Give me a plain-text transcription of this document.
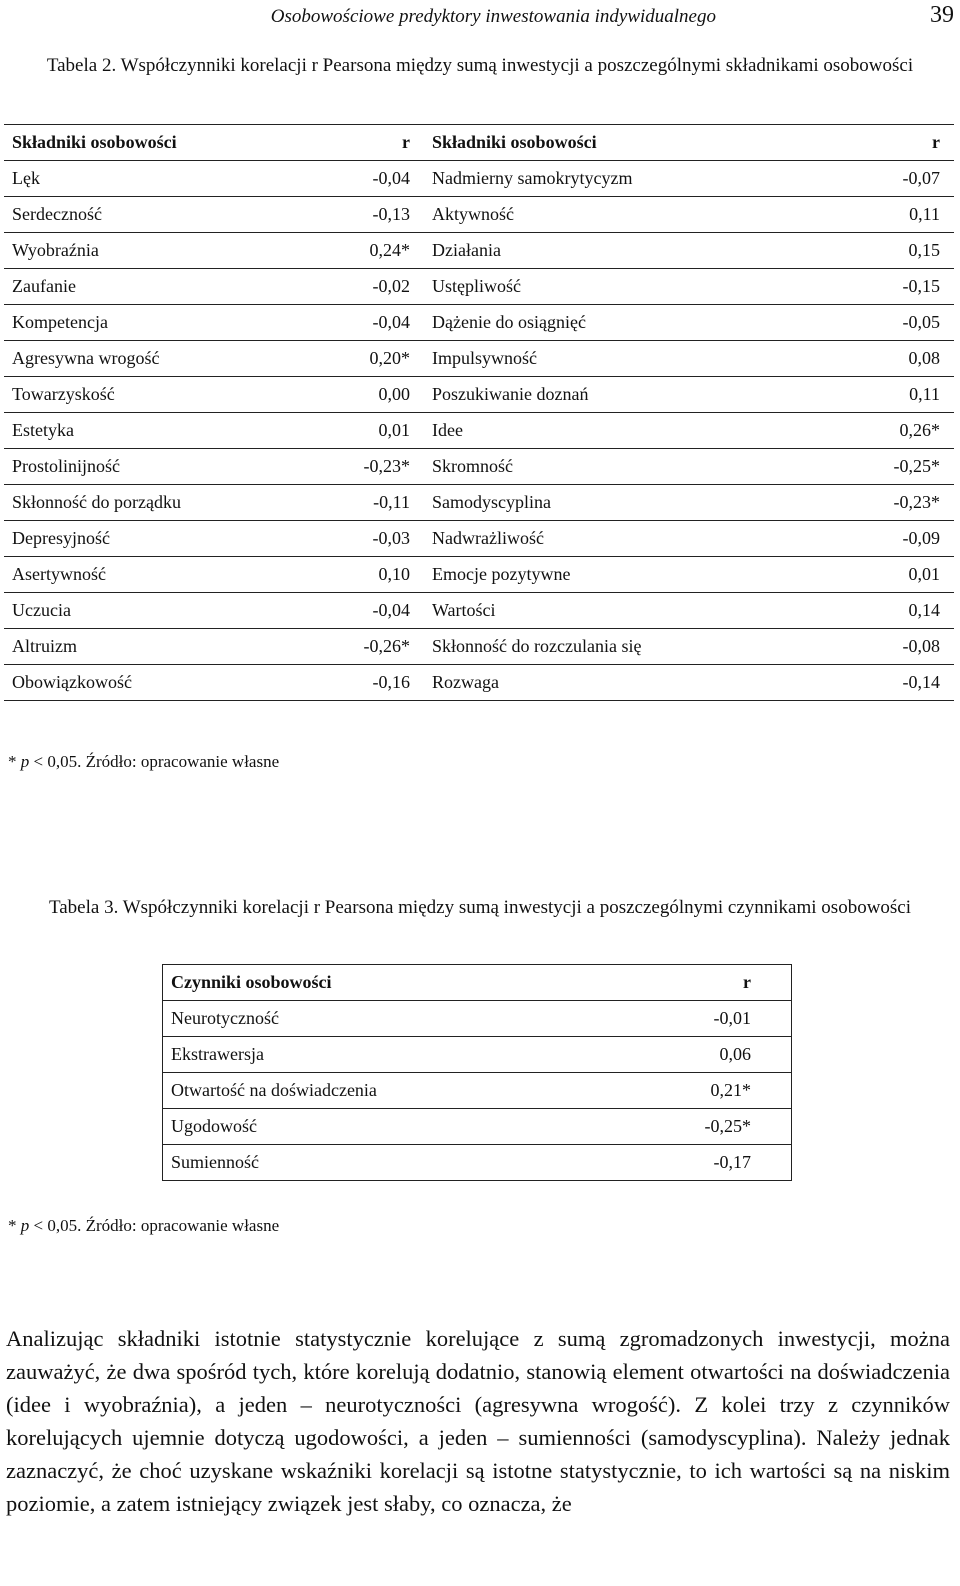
Osobowościowe predyktory inwestowania indywidualnego	39
Tabela 2. Współczynniki korelacji r Pearsona między sumą inwestycji a poszczególnymi składnikami osobowości
Składniki osobowości	r	Składniki osobowości	r
Lęk	-0,04	Nadmierny samokrytycyzm	-0,07
Serdeczność	-0,13	Aktywność	0,11
Wyobraźnia	0,24*	Działania	0,15
Zaufanie	-0,02	Ustępliwość	-0,15
Kompetencja	-0,04	Dążenie do osiągnięć	-0,05
Agresywna wrogość	0,20*	Impulsywność	0,08
Towarzyskość	0,00	Poszukiwanie doznań	0,11
Estetyka	0,01	Idee	0,26*
Prostolinijność	-0,23*	Skromność	-0,25*
Skłonność do porządku	-0,11	Samodyscyplina	-0,23*
Depresyjność	-0,03	Nadwrażliwość	-0,09
Asertywność	0,10	Emocje pozytywne	0,01
Uczucia	-0,04	Wartości	0,14
Altruizm	-0,26*	Skłonność do rozczulania się	-0,08
Obowiązkowość	-0,16	Rozwaga	-0,14
* p < 0,05. Źródło: opracowanie własne
Tabela 3. Współczynniki korelacji r Pearsona między sumą inwestycji a poszczególnymi czynnikami osobowości
Czynniki osobowości	r
Neurotyczność	-0,01
Ekstrawersja	0,06
Otwartość na doświadczenia	0,21*
Ugodowość	-0,25*
Sumienność	-0,17
* p < 0,05. Źródło: opracowanie własne
Analizując składniki istotnie statystycznie korelujące z sumą zgromadzonych inwestycji, można zauważyć, że dwa spośród tych, które korelują dodatnio, stanowią element otwartości na doświadczenia (idee i wyobraźnia), a jeden – neurotyczności (agresywna wrogość). Z kolei trzy z czynników korelujących ujemnie dotyczą ugodowości, a jeden – sumienności (samodyscyplina). Należy jednak zaznaczyć, że choć uzyskane wskaźniki korelacji są istotne statystycznie, to ich wartości są na niskim poziomie, a zatem istniejący związek jest słaby, co oznacza, że
